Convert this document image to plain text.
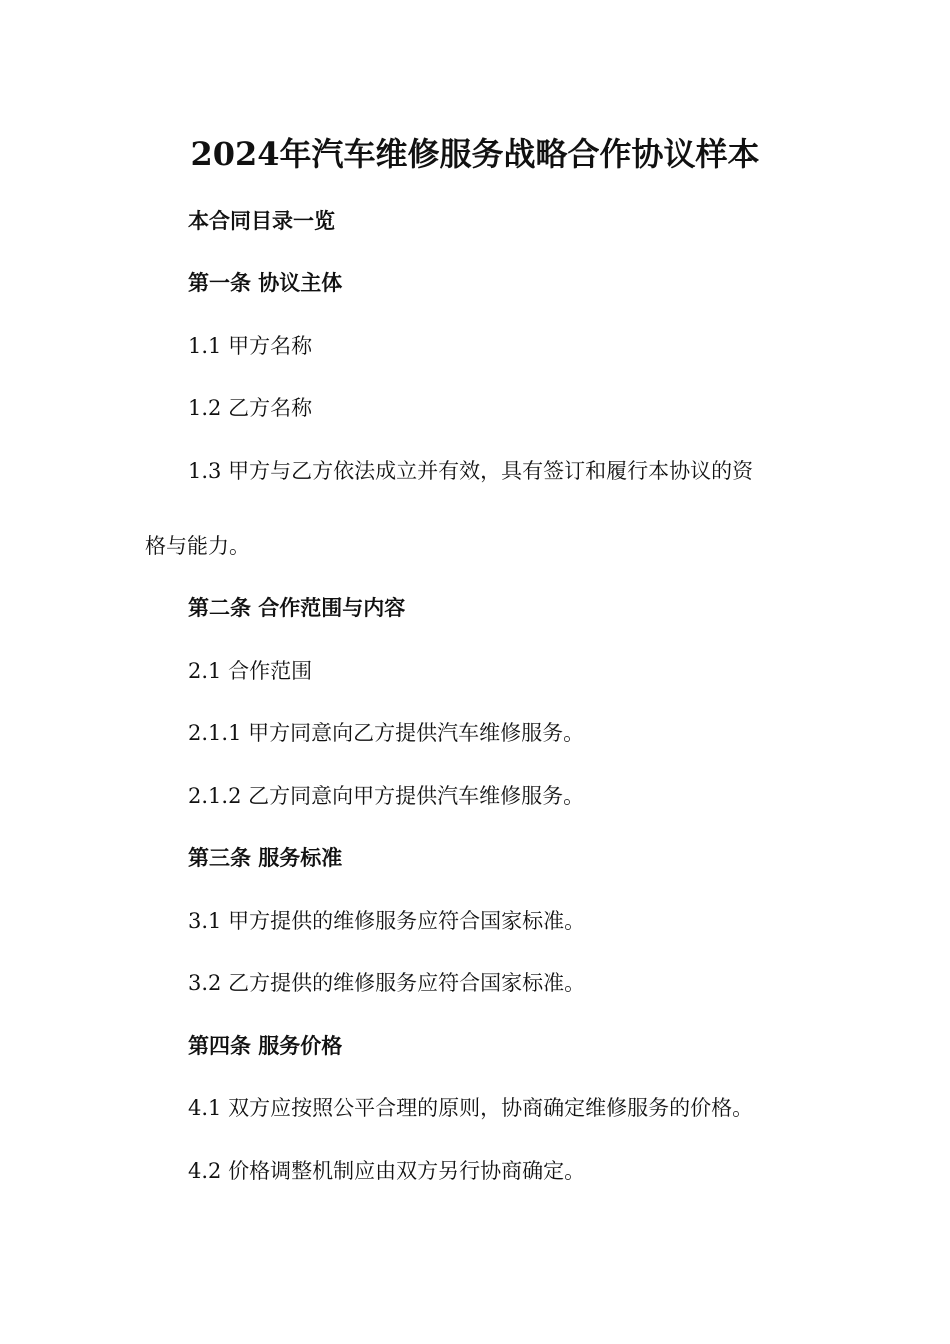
2024年汽车维修服务战略合作协议样本
本合同目录一览
第一条 协议主体
1.1 甲方名称
1.2 乙方名称
1.3 甲方与乙方依法成立并有效，具有签订和履行本协议的资
格与能力。
第二条 合作范围与内容
2.1 合作范围
2.1.1 甲方同意向乙方提供汽车维修服务。
2.1.2 乙方同意向甲方提供汽车维修服务。
第三条 服务标准
3.1 甲方提供的维修服务应符合国家标准。
3.2 乙方提供的维修服务应符合国家标准。
第四条 服务价格
4.1 双方应按照公平合理的原则，协商确定维修服务的价格。
4.2 价格调整机制应由双方另行协商确定。
